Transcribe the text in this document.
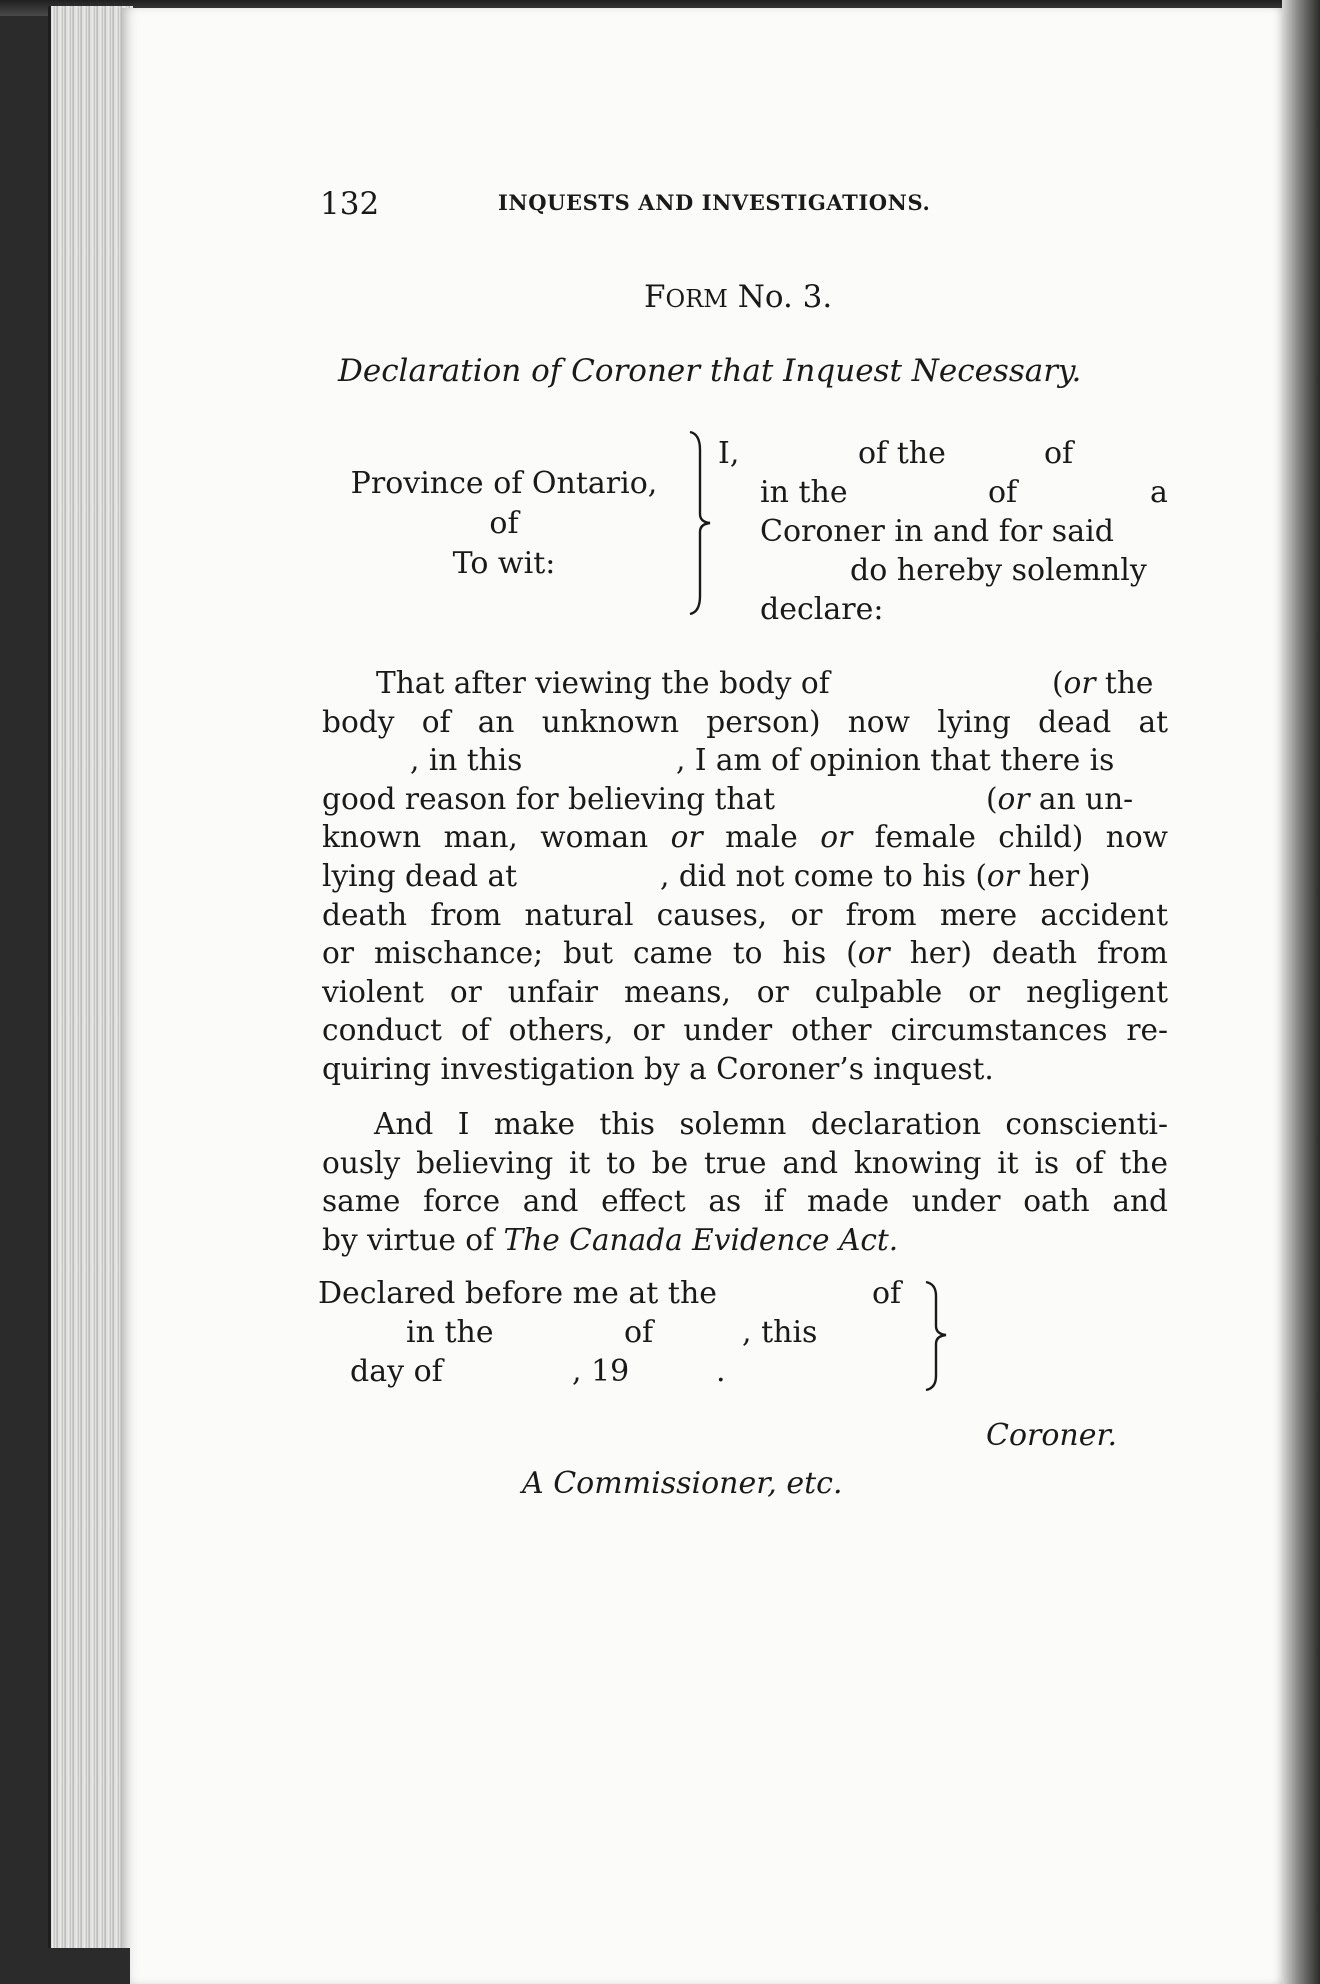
132	INQUESTS AND INVESTIGATIONS.
FORM No. 3.
Declaration of Coroner that Inquest Necessary.
Province of Ontario,
of
To wit:
I,	of the	of
in the	of	a
Coroner in and for said
do hereby solemnly
declare:
That after viewing the body of	(or the
body of an unknown person) now lying dead at
, in this	, I am of opinion that there is
good reason for believing that	(or an un-
known man, woman or male or female child) now
lying dead at	, did not come to his (or her)
death from natural causes, or from mere accident
or mischance; but came to his (or her) death from
violent or unfair means, or culpable or negligent
conduct of others, or under other circumstances re-
quiring investigation by a Coroner’s inquest.
And I make this solemn declaration conscienti-
ously believing it to be true and knowing it is of the
same force and effect as if made under oath and
by virtue of The Canada Evidence Act.
Declared before me at the	of
in the	of	, this
day of	, 19	.
Coroner.
A Commissioner, etc.
